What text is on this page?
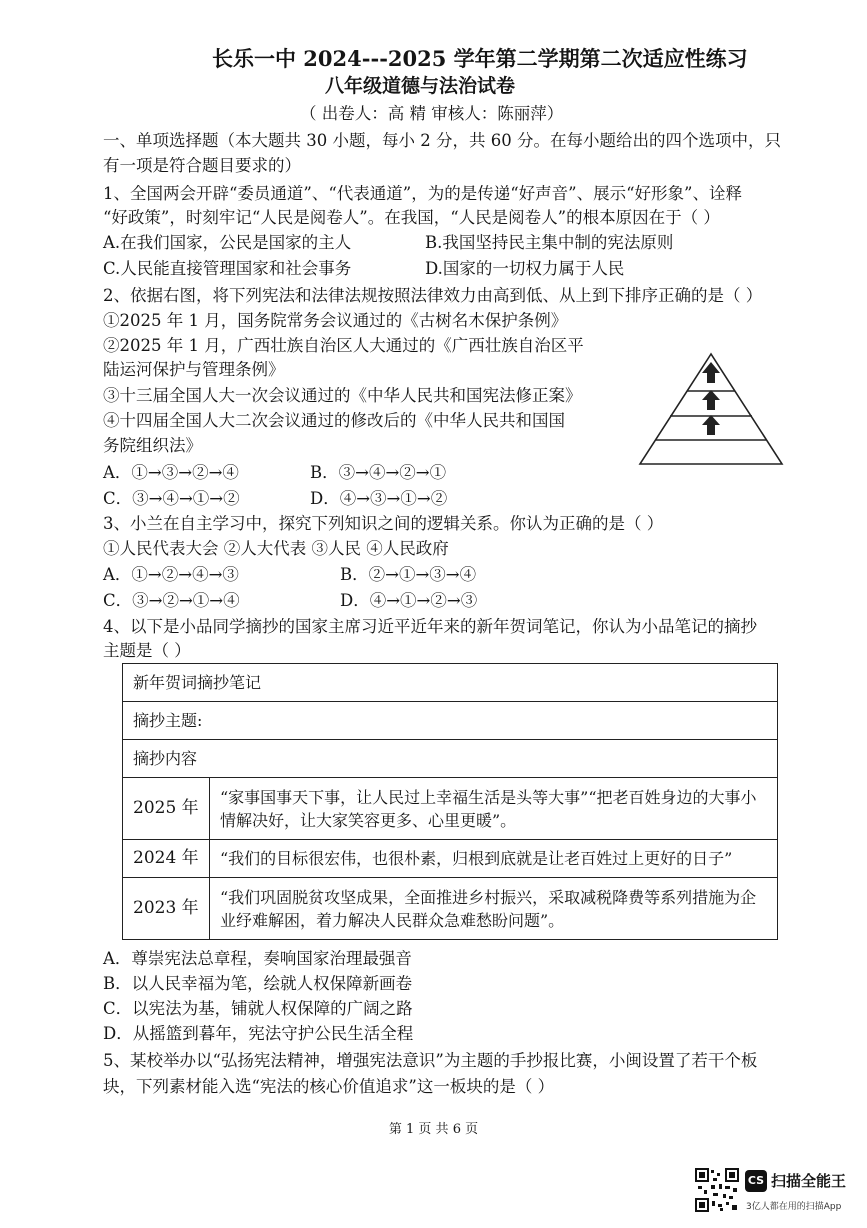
长乐一中 2024---2025 学年第二学期第二次适应性练习
八年级道德与法治试卷
（ 出卷人：高 精 审核人：陈丽萍）
一、单项选择题（本大题共 30 小题，每小 2 分，共 60 分。在每小题给出的四个选项中，只
有一项是符合题目要求的）
1、全国两会开辟“委员通道”、“代表通道”，为的是传递“好声音”、展示“好形象”、诠释
“好政策”，时刻牢记“人民是阅卷人”。在我国，“人民是阅卷人”的根本原因在于（ ）
A.在我们国家，公民是国家的主人	B.我国坚持民主集中制的宪法原则
C.人民能直接管理国家和社会事务	D.国家的一切权力属于人民
2、依据右图，将下列宪法和法律法规按照法律效力由高到低、从上到下排序正确的是（ ）
①2025 年 1 月，国务院常务会议通过的《古树名木保护条例》
②2025 年 1 月，广西壮族自治区人大通过的《广西壮族自治区平
陆运河保护与管理条例》
③十三届全国人大一次会议通过的《中华人民共和国宪法修正案》
④十四届全国人大二次会议通过的修改后的《中华人民共和国国
务院组织法》
A．①→③→②→④	B．③→④→②→①
C．③→④→①→②	D．④→③→①→②
3、小兰在自主学习中，探究下列知识之间的逻辑关系。你认为正确的是（ ）
①人民代表大会 ②人大代表 ③人民 ④人民政府
A．①→②→④→③	B．②→①→③→④
C．③→②→①→④	D．④→①→②→③
4、以下是小品同学摘抄的国家主席习近平近年来的新年贺词笔记，你认为小品笔记的摘抄
主题是（ ）
新年贺词摘抄笔记	
摘抄主题:	
摘抄内容	
2025 年	“家事国事天下事，让人民过上幸福生活是头等大事”“把老百姓身边的大事小情解决好，让大家笑容更多、心里更暖”。
2024 年	“我们的目标很宏伟，也很朴素，归根到底就是让老百姓过上更好的日子”
2023 年	“我们巩固脱贫攻坚成果，全面推进乡村振兴，采取减税降费等系列措施为企业纾难解困，着力解决人民群众急难愁盼问题”。
A．尊崇宪法总章程，奏响国家治理最强音
B．以人民幸福为笔，绘就人权保障新画卷
C．以宪法为基，铺就人权保障的广阔之路
D．从摇篮到暮年，宪法守护公民生活全程
5、某校举办以“弘扬宪法精神，增强宪法意识”为主题的手抄报比赛，小闽设置了若干个板
块，下列素材能入选“宪法的核心价值追求”这一板块的是（ ）
第 1 页 共 6 页
CS 扫描全能王
3亿人都在用的扫描App
